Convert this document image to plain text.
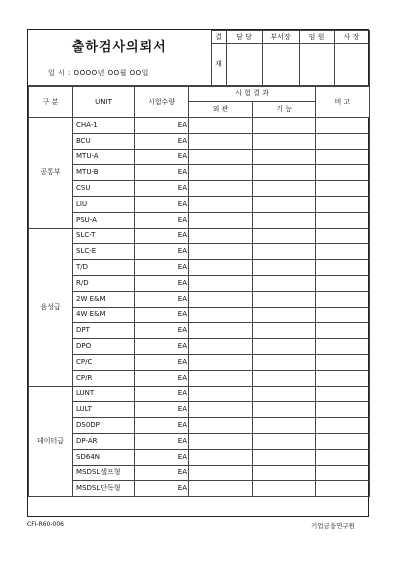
출하검사의뢰서
일 시 : OOOO년 OO월 OO일	결	담 당	부서장	임 원	사 장
	재				
구 분	UNIT	시험수량	시 험 결 과		비 고
			외 관	기 능	
공통부	CHA-1	EA			
	BCU	EA			
	MTU-A	EA			
	MTU-B	EA			
	CSU	EA			
	LIU	EA			
	PSU-A	EA			
음성급	SLC-T	EA			
	SLC-E	EA			
	T/D	EA			
	R/D	EA			
	2W E&M	EA			
	4W E&M	EA			
	DPT	EA			
	DPO	EA			
	CP/C	EA			
	CP/R	EA			
데이터급	LUNT	EA			
	LULT	EA			
	DS0DP	EA			
	DP-AR	EA			
	SD64N	EA			
	MSDSL셀프형	EA			
	MSDSL단독형	EA			
CFI-R60-006	기업금융연구원
